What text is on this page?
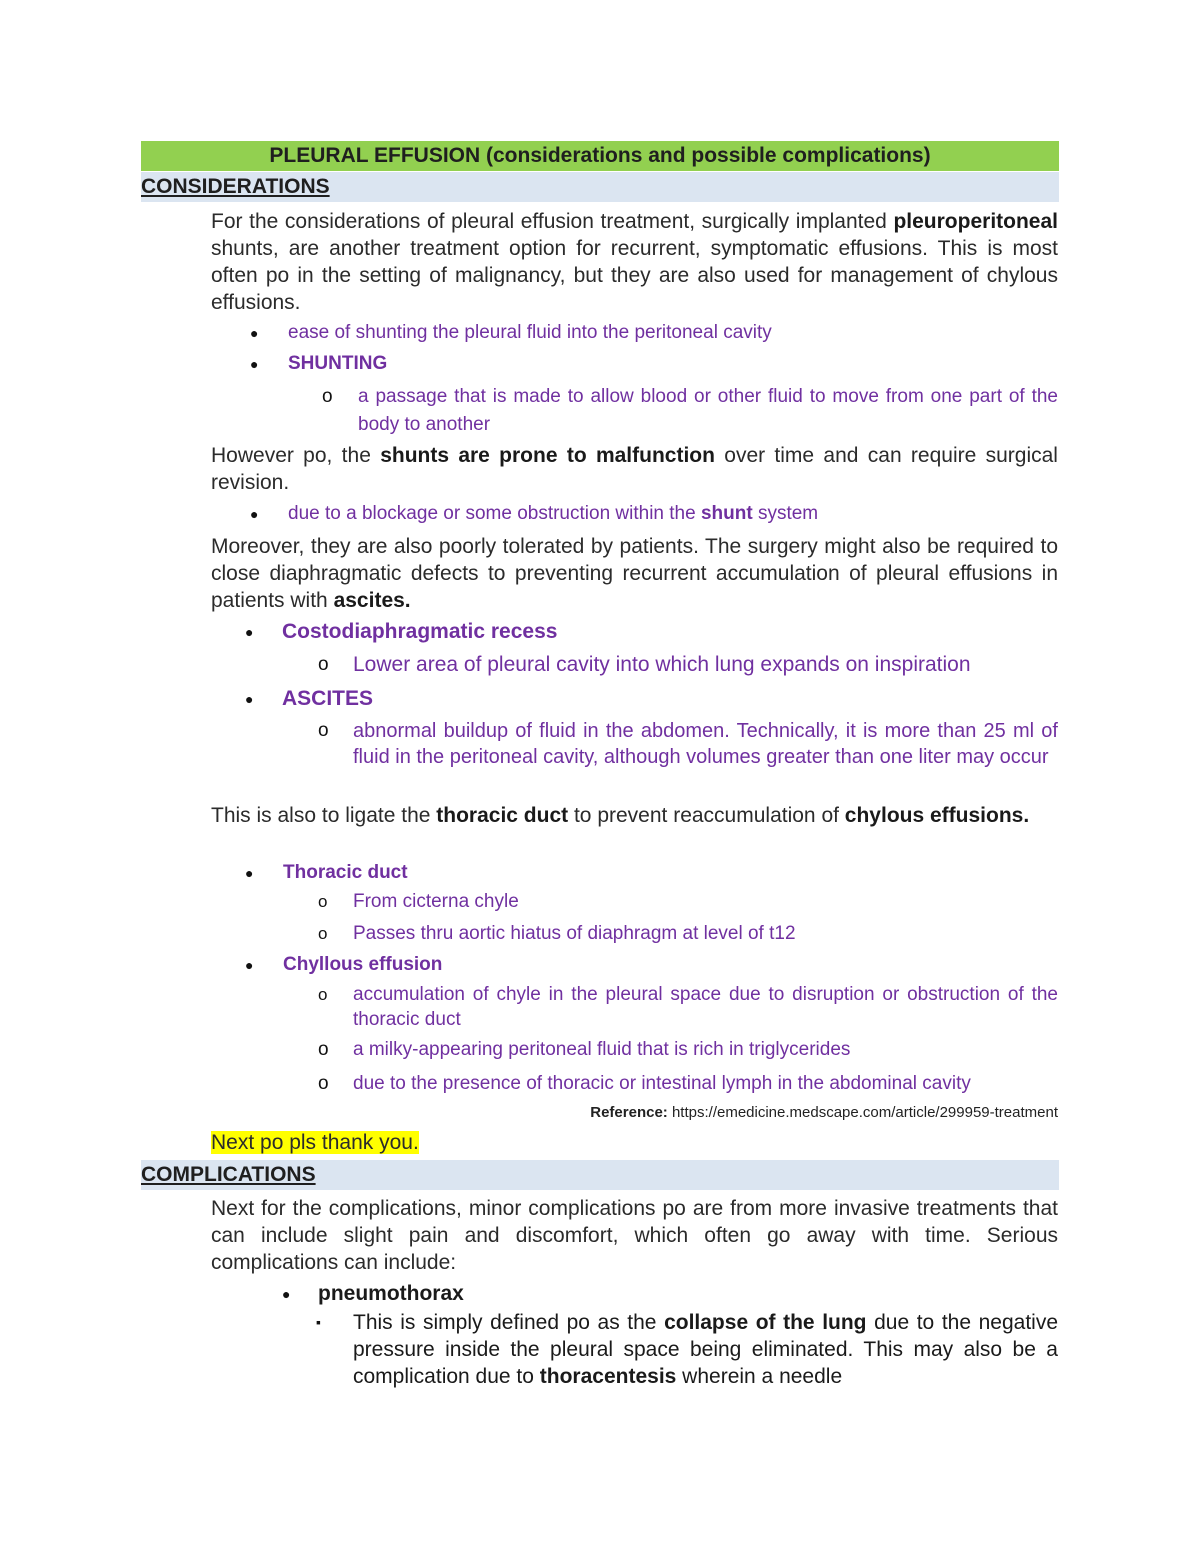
PLEURAL EFFUSION (considerations and possible complications)
CONSIDERATIONS
For the considerations of pleural effusion treatment, surgically implanted pleuroperitoneal shunts, are another treatment option for recurrent, symptomatic effusions. This is most often po in the setting of malignancy, but they are also used for management of chylous effusions.
● ease of shunting the pleural fluid into the peritoneal cavity
● SHUNTING
o a passage that is made to allow blood or other fluid to move from one part of the body to another
However po, the shunts are prone to malfunction over time and can require surgical revision.
● due to a blockage or some obstruction within the shunt system
Moreover, they are also poorly tolerated by patients. The surgery might also be required to close diaphragmatic defects to preventing recurrent accumulation of pleural effusions in patients with ascites.
● Costodiaphragmatic recess
o Lower area of pleural cavity into which lung expands on inspiration
● ASCITES
o abnormal buildup of fluid in the abdomen. Technically, it is more than 25 ml of fluid in the peritoneal cavity, although volumes greater than one liter may occur
This is also to ligate the thoracic duct to prevent reaccumulation of chylous effusions.
● Thoracic duct
o From cicterna chyle
o Passes thru aortic hiatus of diaphragm at level of t12
● Chyllous effusion
o accumulation of chyle in the pleural space due to disruption or obstruction of the thoracic duct
o a milky-appearing peritoneal fluid that is rich in triglycerides
o due to the presence of thoracic or intestinal lymph in the abdominal cavity
Reference: https://emedicine.medscape.com/article/299959-treatment
Next po pls thank you.
COMPLICATIONS
Next for the complications, minor complications po are from more invasive treatments that can include slight pain and discomfort, which often go away with time. Serious complications can include:
● pneumothorax
▪ This is simply defined po as the collapse of the lung due to the negative pressure inside the pleural space being eliminated. This may also be a complication due to thoracentesis wherein a needle
